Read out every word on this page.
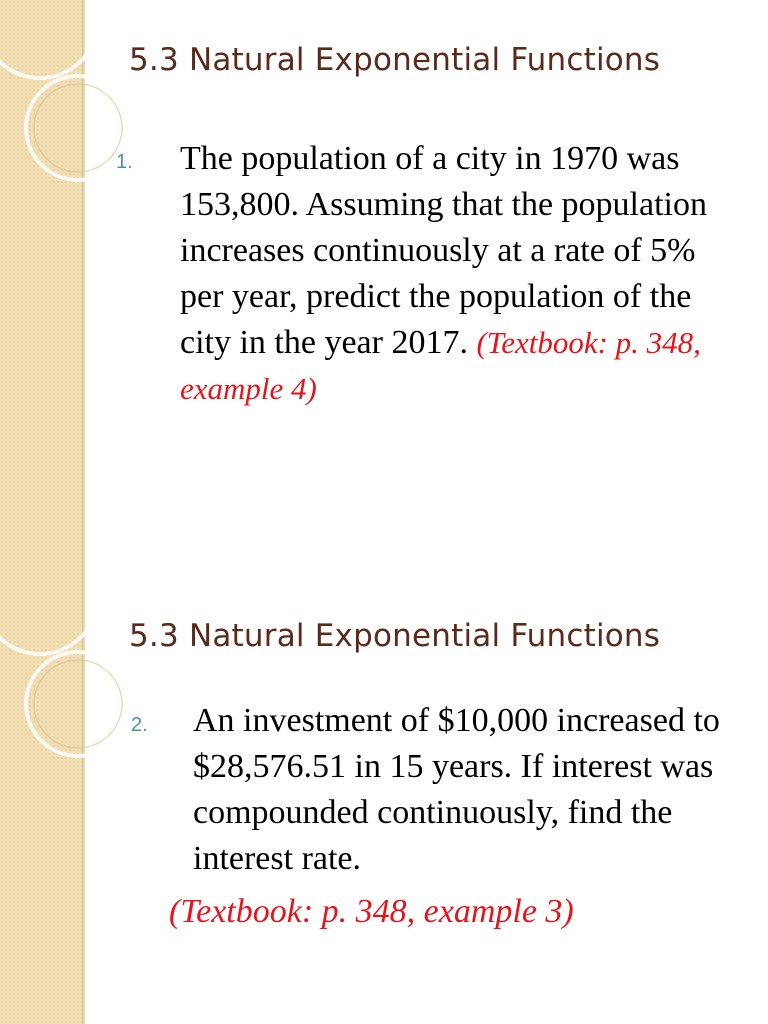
5.3 Natural Exponential Functions
1. The population of a city in 1970 was 153,800. Assuming that the population increases continuously at a rate of 5% per year, predict the population of the city in the year 2017. (Textbook: p. 348, example 4)
5.3 Natural Exponential Functions
2. An investment of $10,000 increased to $28,576.51 in 15 years. If interest was compounded continuously, find the interest rate.
(Textbook: p. 348, example 3)
